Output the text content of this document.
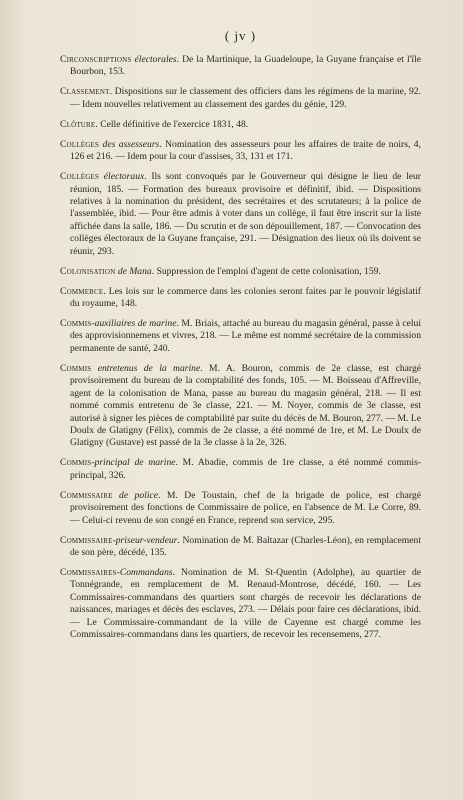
( jv )

Circonscriptions électorales. De la Martinique, la Guadeloupe, la Guyane française et l'île Bourbon, 153.

Classement. Dispositions sur le classement des officiers dans les régimens de la marine, 92. — Idem nouvelles relativement au classement des gardes du génie, 129.

Clôture. Celle définitive de l'exercice 1831, 48.

Collèges des assesseurs. Nomination des assesseurs pour les affaires de traite de noirs, 4, 126 et 216. — Idem pour la cour d'assises, 33, 131 et 171.

Collèges électoraux. Ils sont convoqués par le Gouverneur qui désigne le lieu de leur réunion, 185. — Formation des bureaux provisoire et définitif, ibid. — Dispositions relatives à la nomination du président, des secrétaires et des scrutateurs; à la police de l'assemblée, ibid. — Pour être admis à voter dans un collège, il faut être inscrit sur la liste affichée dans la salle, 186. — Du scrutin et de son dépouillement, 187. — Convocation des collèges électoraux de la Guyane française, 291. — Désignation des lieux où ils doivent se réunir, 293.

Colonisation de Mana. Suppression de l'emploi d'agent de cette colonisation, 159.

Commerce. Les lois sur le commerce dans les colonies seront faites par le pouvoir législatif du royaume, 148.

Commis-auxiliaires de marine. M. Briais, attaché au bureau du magasin général, passe à celui des approvisionnemens et vivres, 218. — Le même est nommé secrétaire de la commission permanente de santé, 240.

Commis entretenus de la marine. M. A. Bouron, commis de 2e classe, est chargé provisoirement du bureau de la comptabilité des fonds, 105. — M. Boisseau d'Affreville, agent de la colonisation de Mana, passe au bureau du magasin général, 218. — Il est nommé commis entretenu de 3e classe, 221. — M. Noyer, commis de 3e classe, est autorisé à signer les pièces de comptabilité par suite du décès de M. Bouron, 277. — M. Le Doulx de Glatigny (Félix), commis de 2e classe, a été nommé de 1re, et M. Le Doulx de Glatigny (Gustave) est passé de la 3e classe à la 2e, 326.

Commis-principal de marine. M. Abadie, commis de 1re classe, a été nommé commis-principal, 326.

Commissaire de police. M. De Toustain, chef de la brigade de police, est chargé provisoirement des fonctions de Commissaire de police, en l'absence de M. Le Corre, 89. — Celui-ci revenu de son congé en France, reprend son service, 295.

Commissaire-priseur-vendeur. Nomination de M. Baltazar (Charles-Léon), en remplacement de son père, décédé, 135.

Commissaires-Commandans. Nomination de M. St-Quentin (Adolphe), au quartier de Tonnégrande, en remplacement de M. Renaud-Montrose, décédé, 160. — Les Commissaires-commandans des quartiers sont chargés de recevoir les déclarations de naissances, mariages et décès des esclaves, 273. — Délais pour faire ces déclarations, ibid. — Le Commissaire-commandant de la ville de Cayenne est chargé comme les Commissaires-commandans dans les quartiers, de recevoir les recensemens, 277.
